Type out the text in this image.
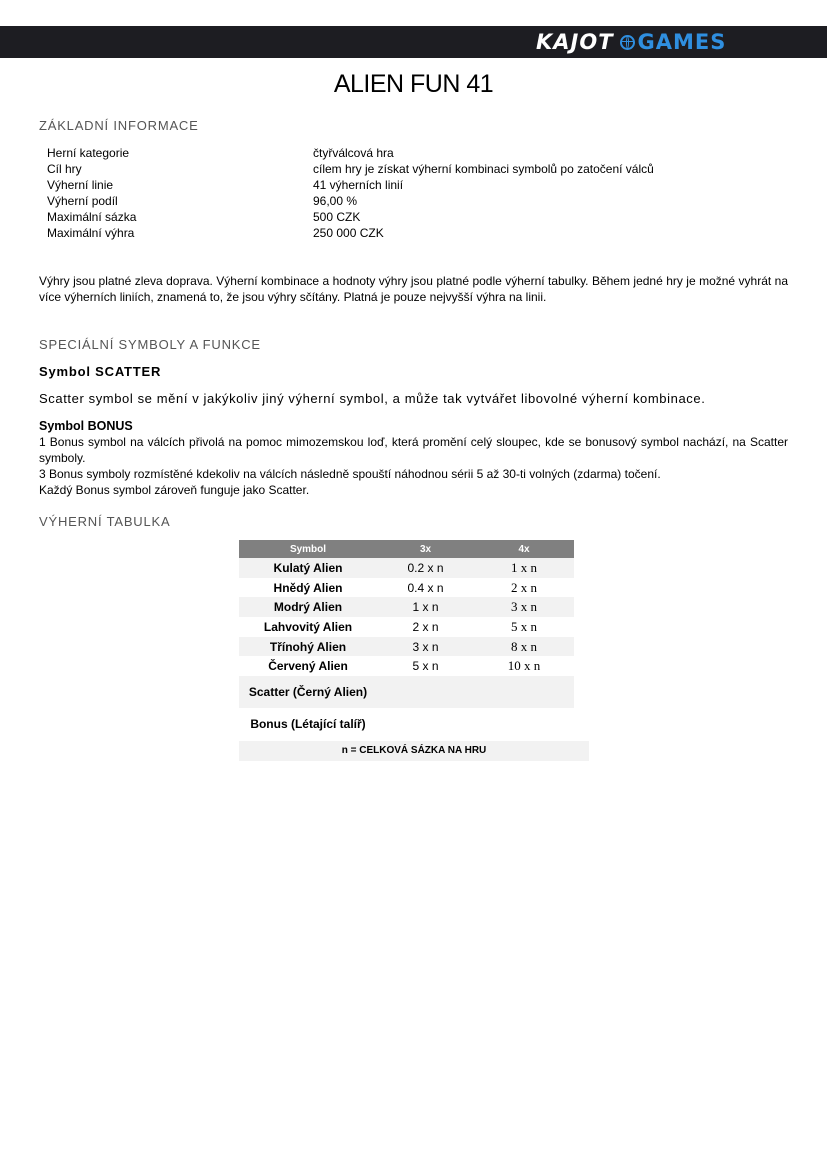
KAJOT GAMES
ALIEN FUN 41
ZÁKLADNÍ INFORMACE
Herní kategorie	čtyřválcová hra
Cíl hry	cílem hry je získat výherní kombinaci symbolů po zatočení válců
Výherní linie	41 výherních linií
Výherní podíl	96,00 %
Maximální sázka	500 CZK
Maximální výhra	250 000 CZK

Výhry jsou platné zleva doprava. Výherní kombinace a hodnoty výhry jsou platné podle výherní tabulky. Během jedné hry je možné vyhrát na více výherních liniích, znamená to, že jsou výhry sčítány. Platná je pouze nejvyšší výhra na linii.

SPECIÁLNÍ SYMBOLY A FUNKCE
Symbol SCATTER

Scatter symbol se mění v jakýkoliv jiný výherní symbol, a může tak vytvářet libovolné výherní kombinace.

Symbol BONUS
1 Bonus symbol na válcích přivolá na pomoc mimozemskou loď, která promění celý sloupec, kde se bonusový symbol nachází, na Scatter symboly.
3 Bonus symboly rozmístěné kdekoliv na válcích následně spouští náhodnou sérii 5 až 30-ti volných (zdarma) točení.
Každý Bonus symbol zároveň funguje jako Scatter.
VÝHERNÍ TABULKA
Symbol	3x	4x
Kulatý Alien	0.2 x n	1 x n
Hnědý Alien	0.4 x n	2 x n
Modrý Alien	1 x n	3 x n
Lahvovitý Alien	2 x n	5 x n
Třínohý Alien	3 x n	8 x n
Červený Alien	5 x n	10 x n
Scatter (Černý Alien)		
Bonus (Létající talíř)		
n = CELKOVÁ SÁZKA NA HRU
